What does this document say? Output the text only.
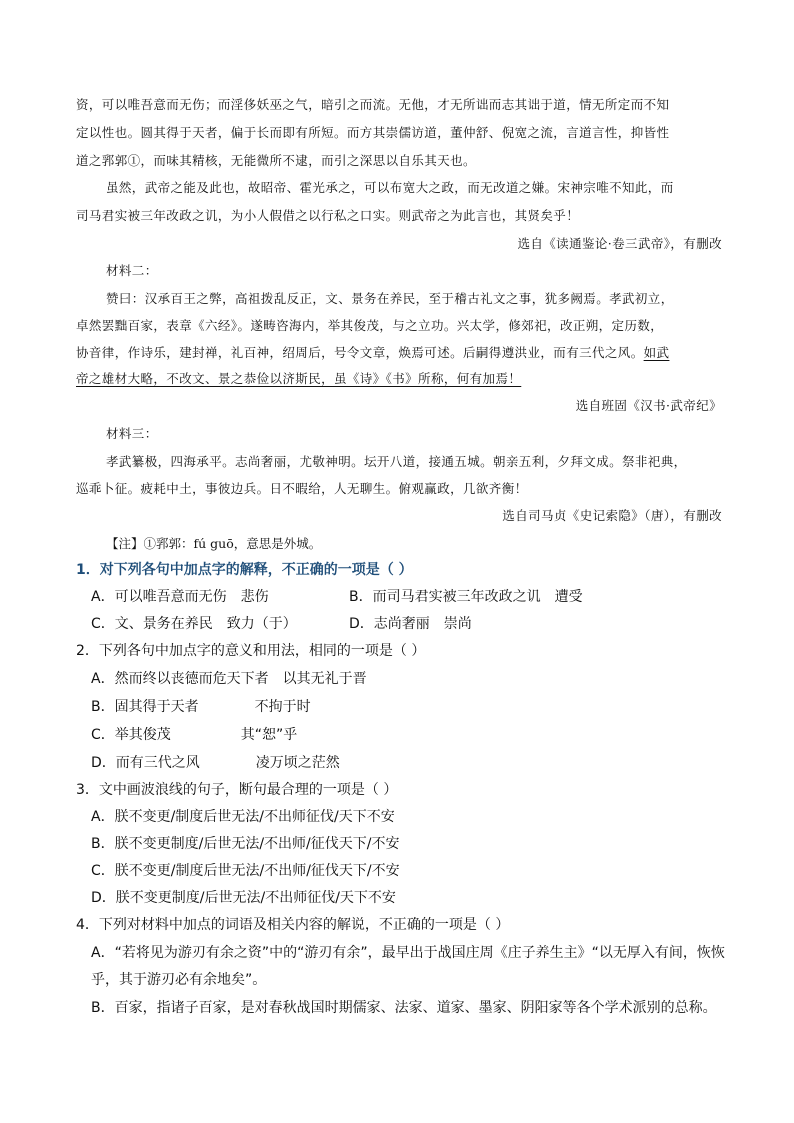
资，可以唯吾意而无伤；而淫侈妖巫之气，暗引之而流。无他，才无所诎而志其诎于道，情无所定而不知
定以性也。圆其得于天者，偏于长而即有所短。而方其崇儒访道，董仲舒、倪宽之流，言道言性，抑皆性
道之郛郭①，而味其精核，无能微所不逮，而引之深思以自乐其天也。
虽然，武帝之能及此也，故昭帝、霍光承之，可以布宽大之政，而无改道之嫌。宋神宗唯不知此，而
司马君实被三年改政之讥，为小人假借之以行私之口实。则武帝之为此言也，其贤矣乎！
选自《读通鉴论·卷三武帝》，有删改
材料二：
赞曰：汉承百王之弊，高祖拨乱反正，文、景务在养民，至于稽古礼文之事，犹多阙焉。孝武初立，
卓然罢黜百家，表章《六经》。遂畴咨海内，举其俊茂，与之立功。兴太学，修郊祀，改正朔，定历数，
协音律，作诗乐，建封禅，礼百神，绍周后，号令文章，焕焉可述。后嗣得遵洪业，而有三代之风。如武
帝之雄材大略，不改文、景之恭俭以济斯民，虽《诗》《书》所称，何有加焉！
选自班固《汉书·武帝纪》
材料三：
孝武纂极，四海承平。志尚奢丽，尤敬神明。坛开八道，接通五城。朝亲五利，夕拜文成。祭非祀典，
巡乖卜征。疲耗中土，事彼边兵。日不暇给，人无聊生。俯观赢政，几欲齐衡！
选自司马贞《史记索隐》（唐），有删改
【注】①郛郭：fú guō，意思是外城。
1．对下列各句中加点字的解释，不正确的一项是（ ）
A．可以唯吾意而无伤　悲伤	B．而司马君实被三年改政之讥　遭受
C．文、景务在养民　致力（于）	D．志尚奢丽　崇尚
2．下列各句中加点字的意义和用法，相同的一项是（ ）
A．然而终以丧德而危天下者　以其无礼于晋
B．固其得于天者　　　　不拘于时
C．举其俊茂　　　　　其“恕”乎
D．而有三代之风　　　　凌万顷之茫然
3．文中画波浪线的句子，断句最合理的一项是（ ）
A．朕不变更/制度后世无法/不出师征伐/天下不安
B．朕不变更制度/后世无法/不出师/征伐天下/不安
C．朕不变更/制度后世无法/不出师/征伐天下/不安
D．朕不变更制度/后世无法/不出师征伐/天下不安
4．下列对材料中加点的词语及相关内容的解说，不正确的一项是（ ）
A．“若将见为游刃有余之资”中的“游刃有余”，最早出于战国庄周《庄子养生主》“以无厚入有间，恢恢
乎，其于游刃必有余地矣”。
B．百家，指诸子百家，是对春秋战国时期儒家、法家、道家、墨家、阴阳家等各个学术派别的总称。
